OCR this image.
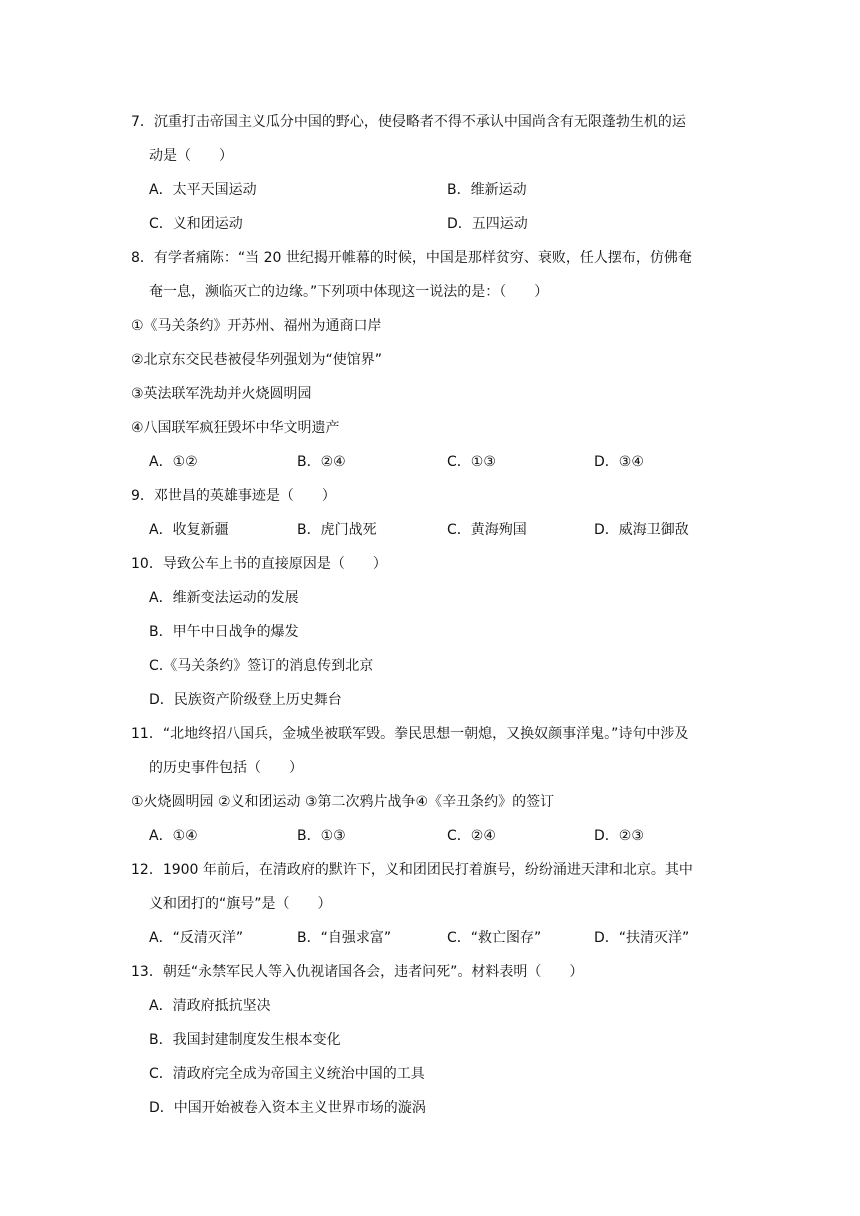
7．沉重打击帝国主义瓜分中国的野心，使侵略者不得不承认中国尚含有无限蓬勃生机的运
动是（　　）
A．太平天国运动	B．维新运动
C．义和团运动	D．五四运动
8．有学者痛陈：“当 20 世纪揭开帷幕的时候，中国是那样贫穷、衰败，任人摆布，仿佛奄
奄一息，濒临灭亡的边缘。”下列项中体现这一说法的是：（　　）
①《马关条约》开苏州、福州为通商口岸
②北京东交民巷被侵华列强划为“使馆界”
③英法联军洗劫并火烧圆明园
④八国联军疯狂毁坏中华文明遗产
A．①②	B．②④	C．①③	D．③④
9．邓世昌的英雄事迹是（　　）
A．收复新疆	B．虎门战死	C．黄海殉国	D．威海卫御敌
10．导致公车上书的直接原因是（　　）
A．维新变法运动的发展
B．甲午中日战争的爆发
C.《马关条约》签订的消息传到北京
D．民族资产阶级登上历史舞台
11．“北地终招八国兵，金城坐被联军毁。拳民思想一朝熄，又换奴颜事洋鬼。”诗句中涉及
的历史事件包括（　　）
①火烧圆明园 ②义和团运动 ③第二次鸦片战争④《辛丑条约》的签订
A．①④	B．①③	C．②④	D．②③
12．1900 年前后，在清政府的默许下，义和团团民打着旗号，纷纷涌进天津和北京。其中
义和团打的“旗号”是（　　）
A．“反清灭洋”	B．“自强求富”	C．“救亡图存”	D．“扶清灭洋”
13．朝廷“永禁军民人等入仇视诸国各会，违者问死”。材料表明（　　）
A．清政府抵抗坚决
B．我国封建制度发生根本变化
C．清政府完全成为帝国主义统治中国的工具
D．中国开始被卷入资本主义世界市场的漩涡
